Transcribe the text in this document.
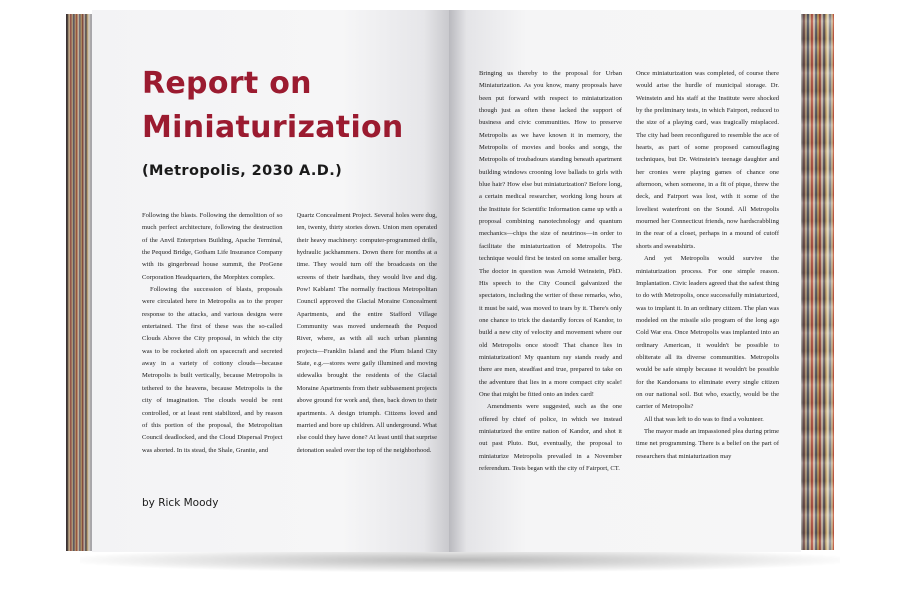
Report on
Miniaturization

(Metropolis, 2030 A.D.)

Following the blasts. Following the demolition of so much perfect architecture, following the destruction of the Anvil Enterprises Building, Apache Terminal, the Pequod Bridge, Gotham Life Insurance Company with its gingerbread house summit, the ProGene Corporation Headquarters, the Morphtex complex.

Following the succession of blasts, proposals were circulated here in Metropolis as to the proper response to the attacks, and various designs were entertained. The first of these was the so-called Clouds Above the City proposal, in which the city was to be rocketed aloft on spacecraft and secreted away in a variety of cottony clouds—because Metropolis is built vertically, because Metropolis is tethered to the heavens, because Metropolis is the city of imagination. The clouds would be rent controlled, or at least rent stabilized, and by reason of this portion of the proposal, the Metropolitan Council deadlocked, and the Cloud Dispersal Project was aborted. In its stead, the Shale, Granite, and

Quartz Concealment Project. Several holes were dug, ten, twenty, thirty stories down. Union men operated their heavy machinery: computer-programmed drills, hydraulic jackhammers. Down there for months at a time. They would turn off the broadcasts on the screens of their hardhats, they would live and dig. Pow! Kablam! The normally fractious Metropolitan Council approved the Glacial Moraine Concealment Apartments, and the entire Stafford Village Community was moved underneath the Pequod River, where, as with all such urban planning projects—Franklin Island and the Plum Island City State, e.g.—stores were gaily illumined and moving sidewalks brought the residents of the Glacial Moraine Apartments from their subbasement projects above ground for work and, then, back down to their apartments. A design triumph. Citizens loved and married and bore up children. All underground. What else could they have done? At least until that surprise detonation sealed over the top of the neighborhood.

by Rick Moody

Bringing us thereby to the proposal for Urban Miniaturization. As you know, many proposals have been put forward with respect to miniaturization though just as often these lacked the support of business and civic communities. How to preserve Metropolis as we have known it in memory, the Metropolis of movies and books and songs, the Metropolis of troubadours standing beneath apartment building windows crooning love ballads to girls with blue hair? How else but miniaturization? Before long, a certain medical researcher, working long hours at the Institute for Scientific Information came up with a proposal combining nanotechnology and quantum mechanics—chips the size of neutrinos—in order to facilitate the miniaturization of Metropolis. The technique would first be tested on some smaller berg. The doctor in question was Arnold Weinstein, PhD. His speech to the City Council galvanized the spectators, including the writer of these remarks, who, it must be said, was moved to tears by it. There's only one chance to trick the dastardly forces of Kandor, to build a new city of velocity and movement where our old Metropolis once stood! That chance lies in miniaturization! My quantum ray stands ready and there are men, steadfast and true, prepared to take on the adventure that lies in a more compact city scale! One that might be fitted onto an index card!

Amendments were suggested, such as the one offered by chief of police, in which we instead miniaturized the entire nation of Kandor, and shot it out past Pluto. But, eventually, the proposal to miniaturize Metropolis prevailed in a November referendum. Tests began with the city of Fairport, CT.

Once miniaturization was completed, of course there would arise the hurdle of municipal storage. Dr. Weinstein and his staff at the Institute were shocked by the preliminary tests, in which Fairport, reduced to the size of a playing card, was tragically misplaced. The city had been reconfigured to resemble the ace of hearts, as part of some proposed camouflaging techniques, but Dr. Weinstein's teenage daughter and her cronies were playing games of chance one afternoon, when someone, in a fit of pique, threw the deck, and Fairport was lost, with it some of the loveliest waterfront on the Sound. All Metropolis mourned her Connecticut friends, now hardscrabbling in the rear of a closet, perhaps in a mound of cutoff shorts and sweatshirts.

And yet Metropolis would survive the miniaturization process. For one simple reason. Implantation. Civic leaders agreed that the safest thing to do with Metropolis, once successfully miniaturized, was to implant it. In an ordinary citizen. The plan was modeled on the missile silo program of the long ago Cold War era. Once Metropolis was implanted into an ordinary American, it wouldn't be possible to obliterate all its diverse communities. Metropolis would be safe simply because it wouldn't be possible for the Kandorsans to eliminate every single citizen on our national soil. But who, exactly, would be the carrier of Metropolis?

All that was left to do was to find a volunteer.

The mayor made an impassioned plea during prime time net programming. There is a belief on the part of researchers that miniaturization may
